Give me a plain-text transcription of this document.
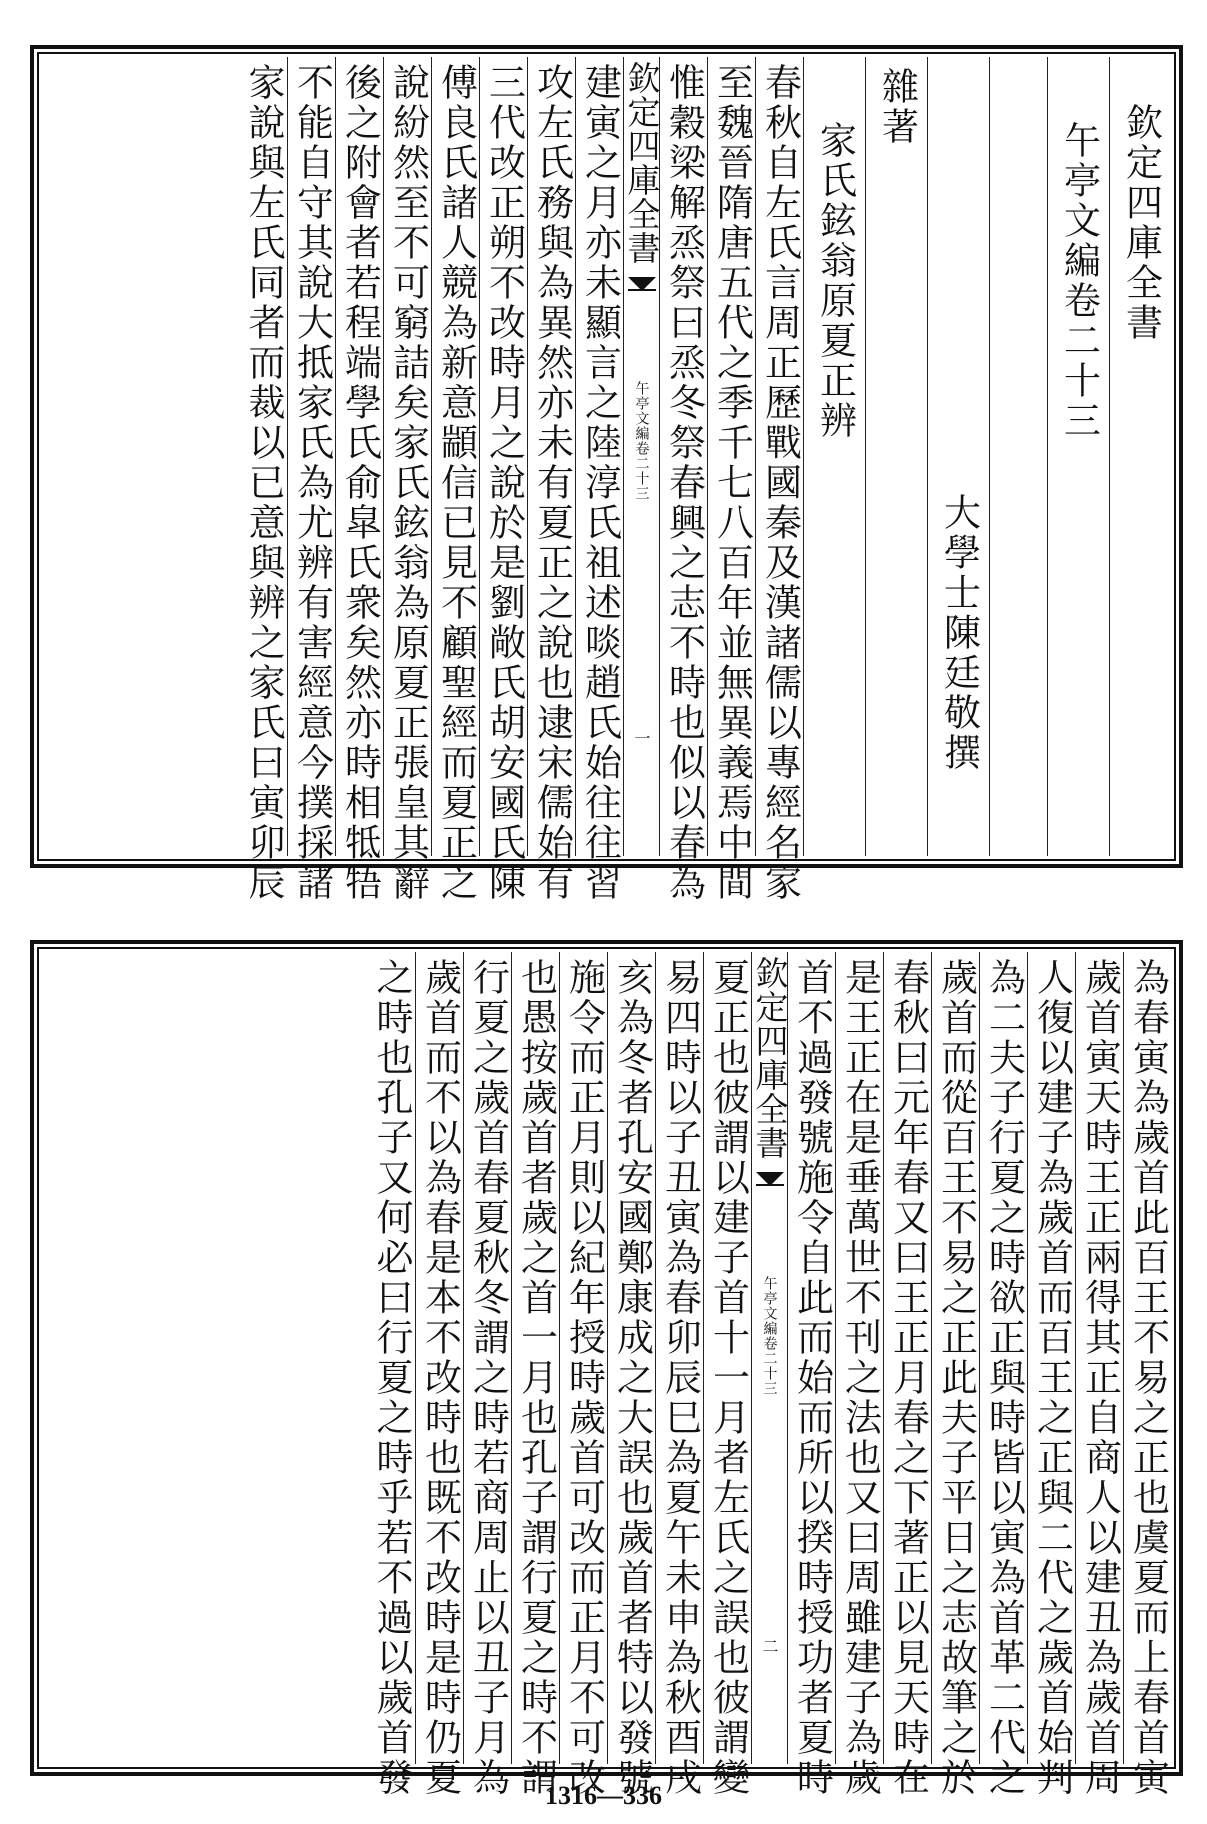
欽定四庫全書
午亭文編卷二十三
大學士陳廷敬撰
雜著
家氏鉉翁原夏正辨
春秋自左氏言周正歷戰國秦及漢諸儒以專經名家
至魏晉隋唐五代之季千七八百年並無異義焉中間
惟穀梁解烝祭曰烝冬祭春興之志不時也似以春為
欽定四庫全書
午亭文編卷二十三
一
建寅之月亦未顯言之陸淳氏祖述啖趙氏始往往習
攻左氏務與為異然亦未有夏正之說也逮宋儒始有
三代改正朔不改時月之說於是劉敞氏胡安國氏陳
傅良氏諸人競為新意顓信已見不顧聖經而夏正之
說紛然至不可窮詰矣家氏鉉翁為原夏正張皇其辭
後之附會者若程端學氏俞皐氏衆矣然亦時相牴牾
不能自守其說大抵家氏為尤辨有害經意今撲採諸
家說與左氏同者而裁以已意與辨之家氏曰寅卯辰
為春寅為歲首此百王不易之正也虞夏而上春首寅
歲首寅天時王正兩得其正自商人以建丑為歲首周
人復以建子為歲首而百王之正與二代之歲首始判
為二夫子行夏之時欲正與時皆以寅為首革二代之
歲首而從百王不易之正此夫子平日之志故筆之於
春秋曰元年春又曰王正月春之下著正以見天時在
是王正在是垂萬世不刊之法也又曰周雖建子為歲
首不過發號施令自此而始而所以揆時授功者夏時
欽定四庫全書
午亭文編卷二十三
二
夏正也彼謂以建子首十一月者左氏之誤也彼謂變
易四時以子丑寅為春卯辰巳為夏午未申為秋酉戌
亥為冬者孔安國鄭康成之大誤也歲首者特以發號
施令而正月則以紀年授時歲首可改而正月不可改
也愚按歲首者歲之首一月也孔子謂行夏之時不謂
行夏之歲首春夏秋冬謂之時若商周止以丑子月為
歲首而不以為春是本不改時也既不改時是時仍夏
之時也孔子又何必曰行夏之時乎若不過以歲首發	1316—336
